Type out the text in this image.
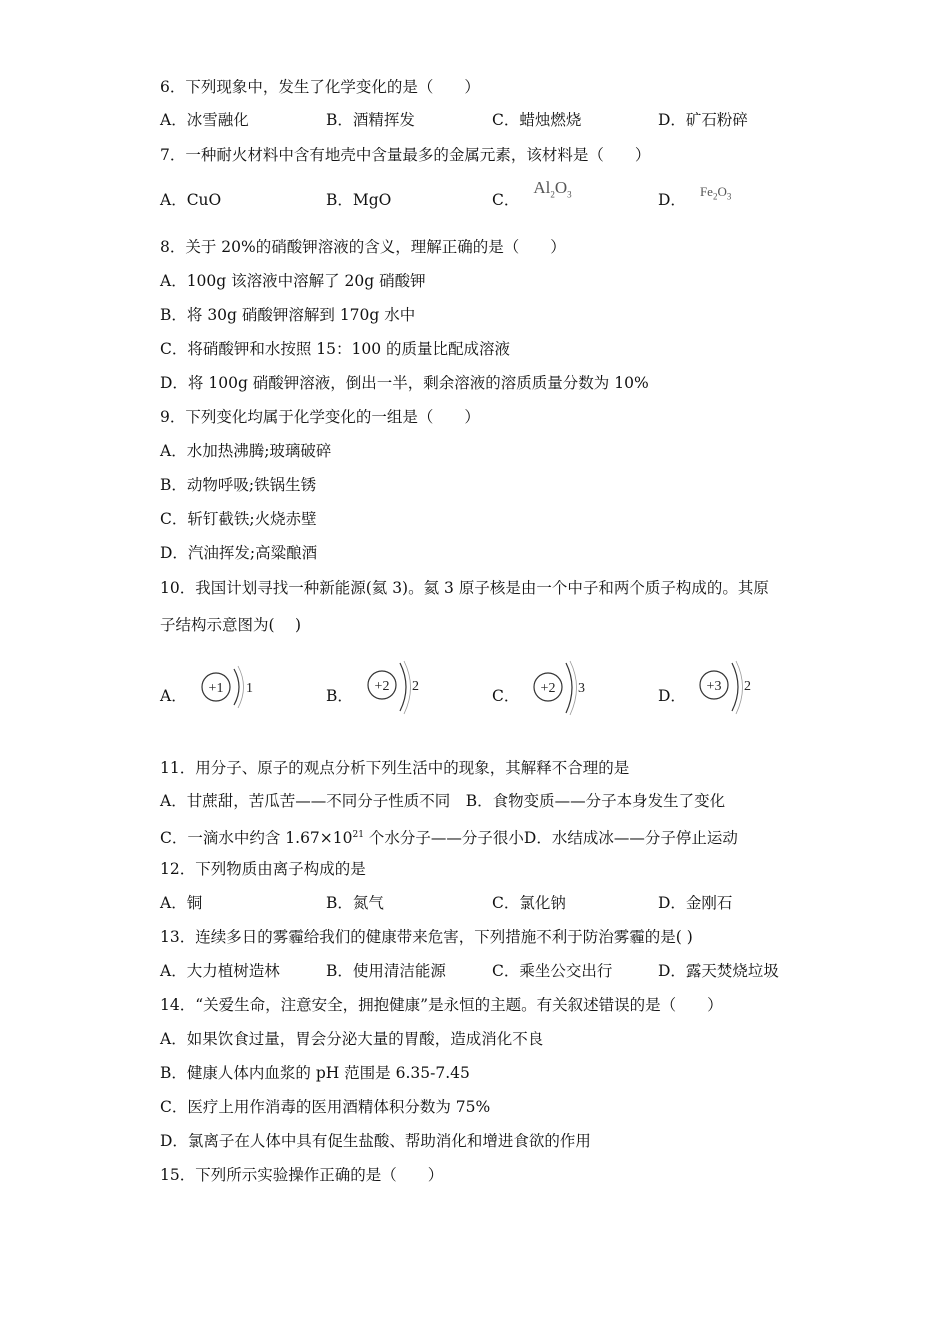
6．下列现象中，发生了化学变化的是（　　）
A．冰雪融化	B．酒精挥发	C．蜡烛燃烧	D．矿石粉碎
7．一种耐火材料中含有地壳中含量最多的金属元素，该材料是（　　）
A．CuO	B．MgO	C．$Al_2O_3$	D． $^{Fe_2O_3}$
8．关于 20%的硝酸钾溶液的含义，理解正确的是（　　）
A．100g 该溶液中溶解了 20g 硝酸钾
B．将 30g 硝酸钾溶解到 170g 水中
C．将硝酸钾和水按照 15：100 的质量比配成溶液
D．将 100g 硝酸钾溶液，倒出一半，剩余溶液的溶质质量分数为 10%
9．下列变化均属于化学变化的一组是（　　）
A．水加热沸腾;玻璃破碎
B．动物呼吸;铁锅生锈
C．斩钉截铁;火烧赤壁
D．汽油挥发;高粱酿酒
10．我国计划寻找一种新能源(氦 3)。氦 3 原子核是由一个中子和两个质子构成的。其原
子结构示意图为( 　)
A． +1 1	B．
+2 2
C． +2 3	D．
+3 2
11．用分子、原子的观点分析下列生活中的现象，其解释不合理的是
A．甘蔗甜，苦瓜苦——不同分子性质不同　B．食物变质——分子本身发生了变化
C．一滴水中约含 $1.67\times 10^{21}$ 个水分子——分子很小D．水结成冰——分子停止运动
12．下列物质由离子构成的是
A．铜	B．氮气	C．氯化钠	D．金刚石
13．连续多日的雾霾给我们的健康带来危害，下列措施不利于防治雾霾的是( )
A．大力植树造林	B．使用清洁能源	C．乘坐公交出行	D．露天焚烧垃圾
14．“关爱生命，注意安全，拥抱健康”是永恒的主题。有关叙述错误的是（　　）
A．如果饮食过量，胃会分泌大量的胃酸，造成消化不良
B．健康人体内血浆的 pH 范围是 6.35-7.45
C．医疗上用作消毒的医用酒精体积分数为 75%
D．氯离子在人体中具有促生盐酸、帮助消化和增进食欲的作用
15．下列所示实验操作正确的是（　　）
